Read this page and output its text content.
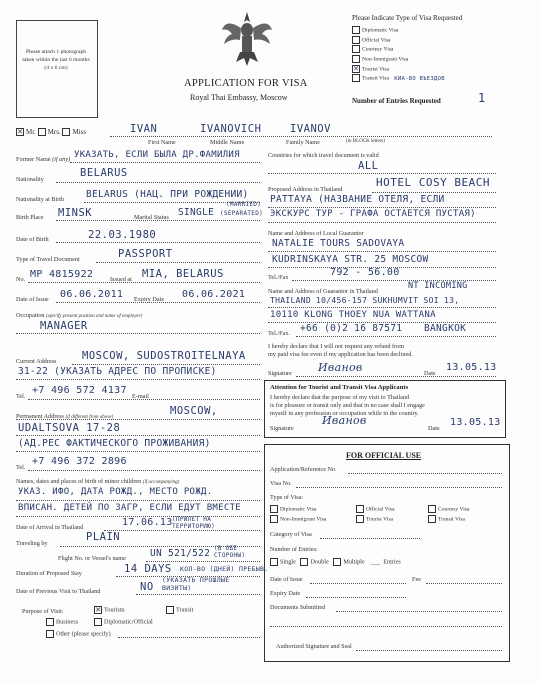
Please attach 1 photograph taken within the last 6 months (4 x 6 cm)
APPLICATION FOR VISA
Royal Thai Embassy, Moscow
Please Indicate Type of Visa Requested
Diplomatic Visa
Official Visa
Courtesy Visa
Non-Immigrant Visa
✕ Tourist Visa
Transit Visa КИА-ВО ВЪЕЗДОВ
Number of Entries Requested	1
✕ Mr. Mrs. Miss	IVAN	IVANOVICH	IVANOV
First Name	Middle Name	Family Name	(in BLOCK letters)
Former Name (if any) УКАЗАТЬ, ЕСЛИ БЫЛА ДР.ФАМИЛИЯ
Nationality
BELARUS
Nationality at Birth BELARUS (НАЦ. ПРИ РОЖДЕНИИ)
Birth Place MINSK	Marital Status SINGLE
(MARRIED)
(SEPARATED)
Date of Birth	22.03.1980
Type of Travel Document	PASSPORT
No. MP 4815922	Issued at MIA, BELARUS
Date of Issue 06.06.2011 Expiry Date 06.06.2021
Occupation (specify present position and name of employer)
MANAGER
Current Address MOSCOW, SUDOSTROITELNAYA
31-22 (УКАЗАТЬ АДРЕС ПО ПРОПИСКЕ)
Tel.
+7 496 572 4137
E-mail
Permanent Address (if different from above)
MOSCOW,
UDALTSOVA 17-28
(АД.РЕС ФАКТИЧЕСКОГО ПРОЖИВАНИЯ)
Tel.
+7 496 372 2896
Names, dates and places of birth of minor children (if accompanying)
УКАЗ. ИФО, ДАТА РОЖД., МЕСТО РОЖД.
ВПИСАН. ДЕТЕЙ ПО ЗАГР, ЕСЛИ ЕДУТ ВМЕСТЕ
Date of Arrival in Thailand	17.06.13 (ПРИЛЕТ НА ТЕРРИТОРИЮ)
Traveling by
PLAIN
Flight No. or Vessel's name	UN 521/522 (В ОБЕ СТОРОНЫ)
Duration of Proposed Stay	14 DAYS КОЛ-ВО (ДНЕЙ) ПРЕБЫВ.
Date of Previous Visit to Thailand	NO
(УКАЗАТЬ ПРОШЛЫЕ ВИЗИТЫ)
Purpose of Visit:	✕ Tourism	Transit
Business	Diplomatic/Official
Other (please specify)
Countries for which travel document is valid
ALL
Proposed Address in Thailand
HOTEL COSY BEACH
PATTAYA (НАЗВАНИЕ ОТЕЛЯ, ЕСЛИ
ЭКСКУРС ТУР - ГРАФА ОСТАЕТСЯ ПУСТАЯ)
Name and Address of Local Guarantor
NATALIE TOURS SADOVAYA
KUDRINSKAYA STR. 25 MOSCOW
Tel./Fax	792 - 56.00
Name and Address of Guarantor in Thailand
NT INCOMING
THAILAND 10/456-157 SUKHUMVIT SOI 13,
10110 KLONG THOEY NUA WATTANA
Tel./Fax. +66 (0)2 16 87571 BANGKOK
I hereby declare that I will not request any refund from
my paid visa fee even if my application has been declined.
Signature Иванов	Date
13.05.13
Attention for Tourist and Transit Visa Applicants
I hereby declare that the purpose of my visit to Thailand
is for pleasure or transit only and that in no case shall I engage
myself in any profession or occupation while in the country.
Signature
Иванов
Date
13.05.13
FOR OFFICIAL USE
Application/Reference No.
Visa No.
Type of Visa:
Diplomatic Visa	Official Visa	Courtesy Visa
Non-Immigrant Visa	Tourist Visa	Transit Visa
Category of Visa
Number of Entries:
Single Double Multiple    ___  Entries
Date of Issue	Fee
Expiry Date
Documents Submitted
Authorized Signature and Seal
